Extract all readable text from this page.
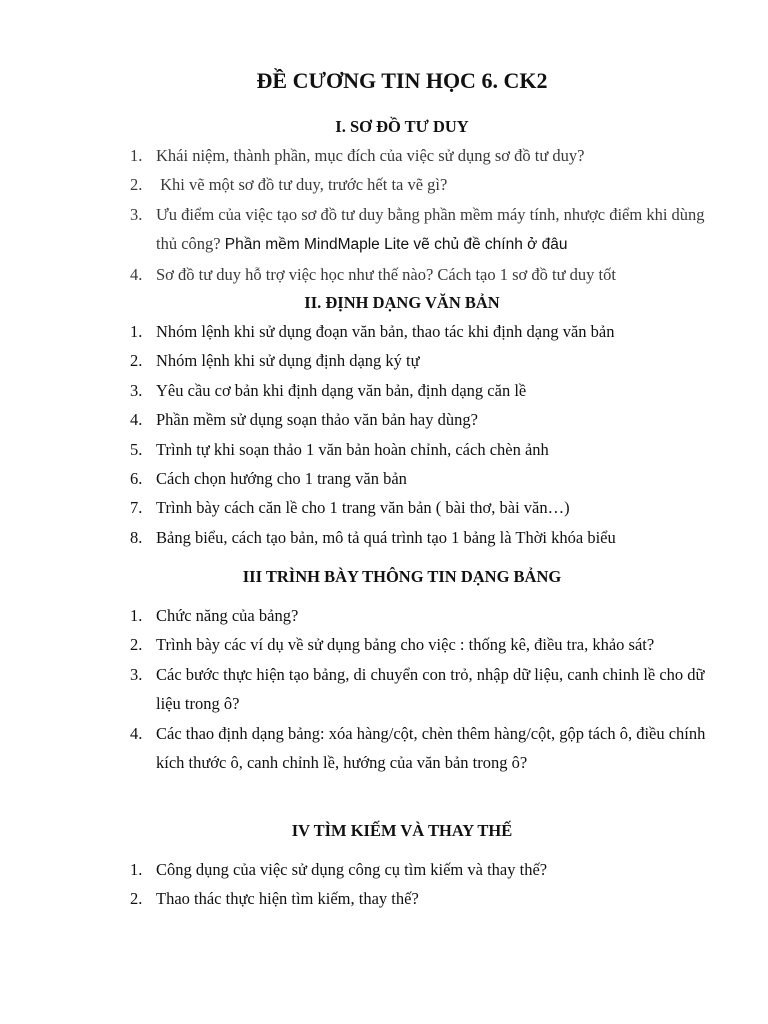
ĐỀ CƯƠNG TIN HỌC 6. CK2
I. SƠ ĐỒ TƯ DUY
1. Khái niệm, thành phần, mục đích của việc sử dụng sơ đồ tư duy?
2. Khi vẽ một sơ đồ tư duy, trước hết ta vẽ gì?
3. Ưu điểm của việc tạo sơ đồ tư duy bằng phần mềm máy tính, nhược điểm khi dùng thủ công? Phần mềm MindMaple Lite vẽ chủ đề chính ở đâu
4. Sơ đồ tư duy hỗ trợ việc học như thế nào? Cách tạo 1 sơ đồ tư duy tốt
II. ĐỊNH DẠNG VĂN BẢN
1. Nhóm lệnh khi sử dụng đoạn văn bản, thao tác khi định dạng văn bản
2. Nhóm lệnh khi sử dụng định dạng ký tự
3. Yêu cầu cơ bản khi định dạng văn bản, định dạng căn lề
4. Phần mềm sử dụng soạn thảo văn bản hay dùng?
5. Trình tự khi soạn thảo 1 văn bản hoàn chỉnh, cách chèn ảnh
6. Cách chọn hướng cho 1 trang văn bản
7. Trình bày cách căn lề cho 1 trang văn bản ( bài thơ, bài văn…)
8. Bảng biểu, cách tạo bản, mô tả quá trình tạo 1 bảng là Thời khóa biểu
III TRÌNH BÀY THÔNG TIN DẠNG BẢNG
1. Chức năng của bảng?
2. Trình bày các ví dụ về sử dụng bảng cho việc : thống kê, điều tra, khảo sát?
3. Các bước thực hiện tạo bảng, di chuyển con trỏ, nhập dữ liệu, canh chinh lề cho dữ liệu trong ô?
4. Các thao định dạng bảng: xóa hàng/cột, chèn thêm hàng/cột, gộp tách ô, điều chính kích thước ô, canh chỉnh lề, hướng của văn bản trong ô?
IV TÌM KIẾM VÀ THAY THẾ
1. Công dụng của việc sử dụng công cụ tìm kiếm và thay thế?
2. Thao thác thực hiện tìm kiếm, thay thế?
